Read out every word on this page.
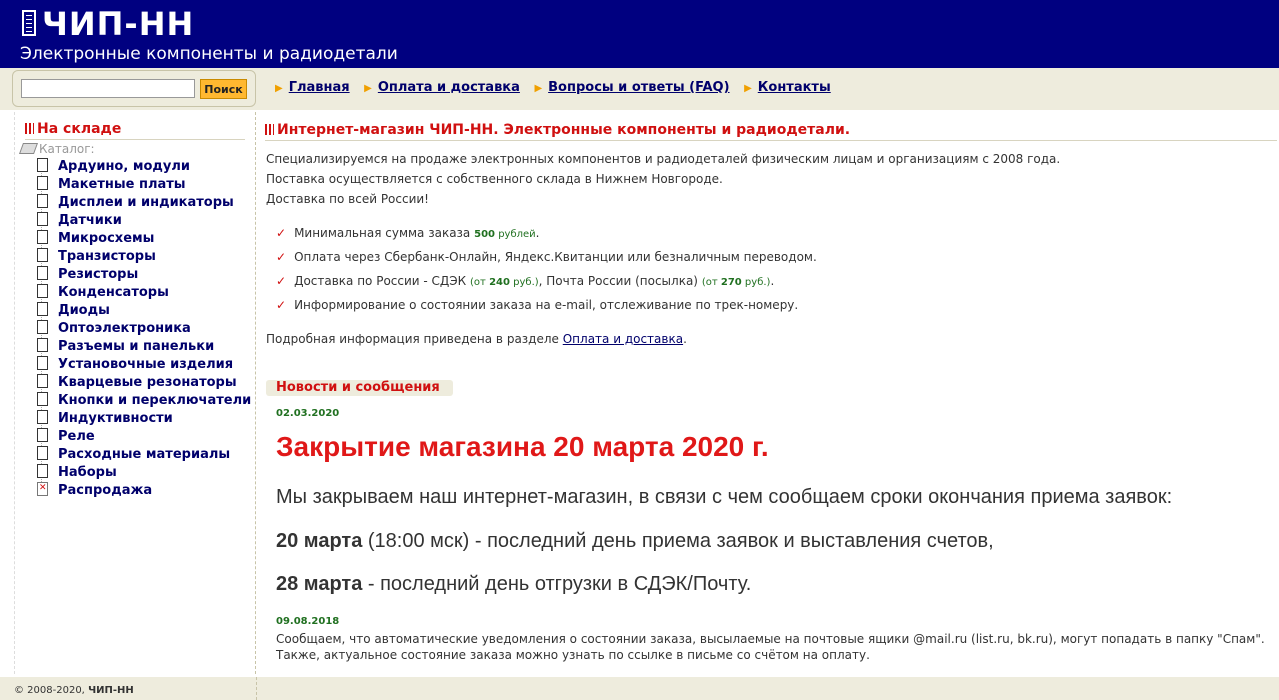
ЧИП-НН
Электронные компоненты и радиодетали
Поиск	▶ Главная ▶ Оплата и доставка ▶ Вопросы и ответы (FAQ) ▶ Контакты
На складе
Каталог:
Ардуино, модули
Макетные платы
Дисплеи и индикаторы
Датчики
Микросхемы
Транзисторы
Резисторы
Конденсаторы
Диоды
Оптоэлектроника
Разъемы и панельки
Установочные изделия
Кварцевые резонаторы
Кнопки и переключатели
Индуктивности
Реле
Расходные материалы
Наборы
✕Распродажа
Интернет-магазин ЧИП-НН. Электронные компоненты и радиодетали.
Специализируемся на продаже электронных компонентов и радиодеталей физическим лицам и организациям с 2008 года.
Поставка осуществляется с собственного склада в Нижнем Новгороде.
Доставка по всей России!
✓ Минимальная сумма заказа 500 рублей.
✓ Оплата через Сбербанк-Онлайн, Яндекс.Квитанции или безналичным переводом.
✓ Доставка по России - СДЭК (от 240 руб.), Почта России (посылка) (от 270 руб.).
✓ Информирование о состоянии заказа на e-mail, отслеживание по трек-номеру.
Подробная информация приведена в разделе Оплата и доставка.
Новости и сообщения
02.03.2020
Закрытие магазина 20 марта 2020 г.
Мы закрываем наш интернет-магазин, в связи с чем сообщаем сроки окончания приема заявок:
20 марта (18:00 мск) - последний день приема заявок и выставления счетов,
28 марта - последний день отгрузки в СДЭК/Почту.
09.08.2018
Сообщаем, что автоматические уведомления о состоянии заказа, высылаемые на почтовые ящики @mail.ru (list.ru, bk.ru), могут попадать в папку "Спам".
Также, актуальное состояние заказа можно узнать по ссылке в письме со счётом на оплату.
© 2008-2020, ЧИП-НН
